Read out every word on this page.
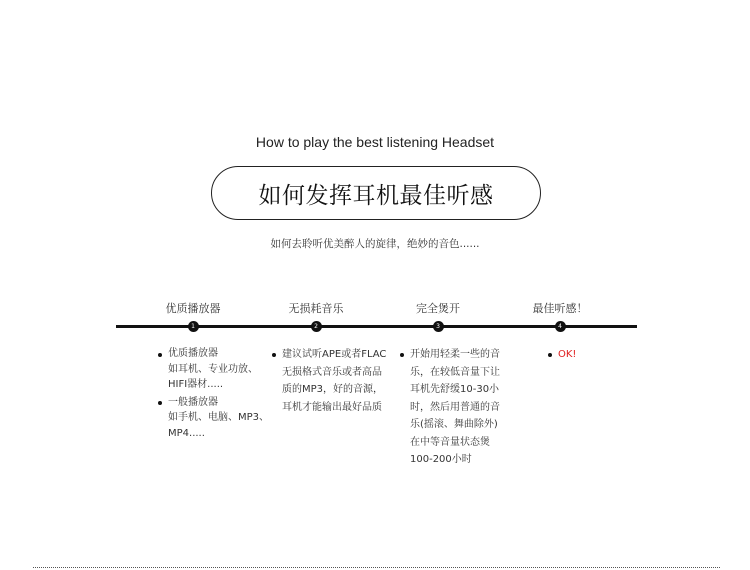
How to play the best listening Headset
如何发挥耳机最佳听感
如何去聆听优美醉人的旋律，绝妙的音色......
优质播放器	无损耗音乐	完全煲开	最佳听感！
1	2	3	4
优质播放器
如耳机、专业功放、
HIFI器材.....
一般播放器
如手机、电脑、MP3、
MP4.....
建议试听APE或者FLAC
无损格式音乐或者高品
质的MP3，好的音源，
耳机才能输出最好品质
开始用轻柔一些的音
乐，在较低音量下让
耳机先舒缓10-30小
时，然后用普通的音
乐(摇滚、舞曲除外)
在中等音量状态煲
100-200小时
OK!
